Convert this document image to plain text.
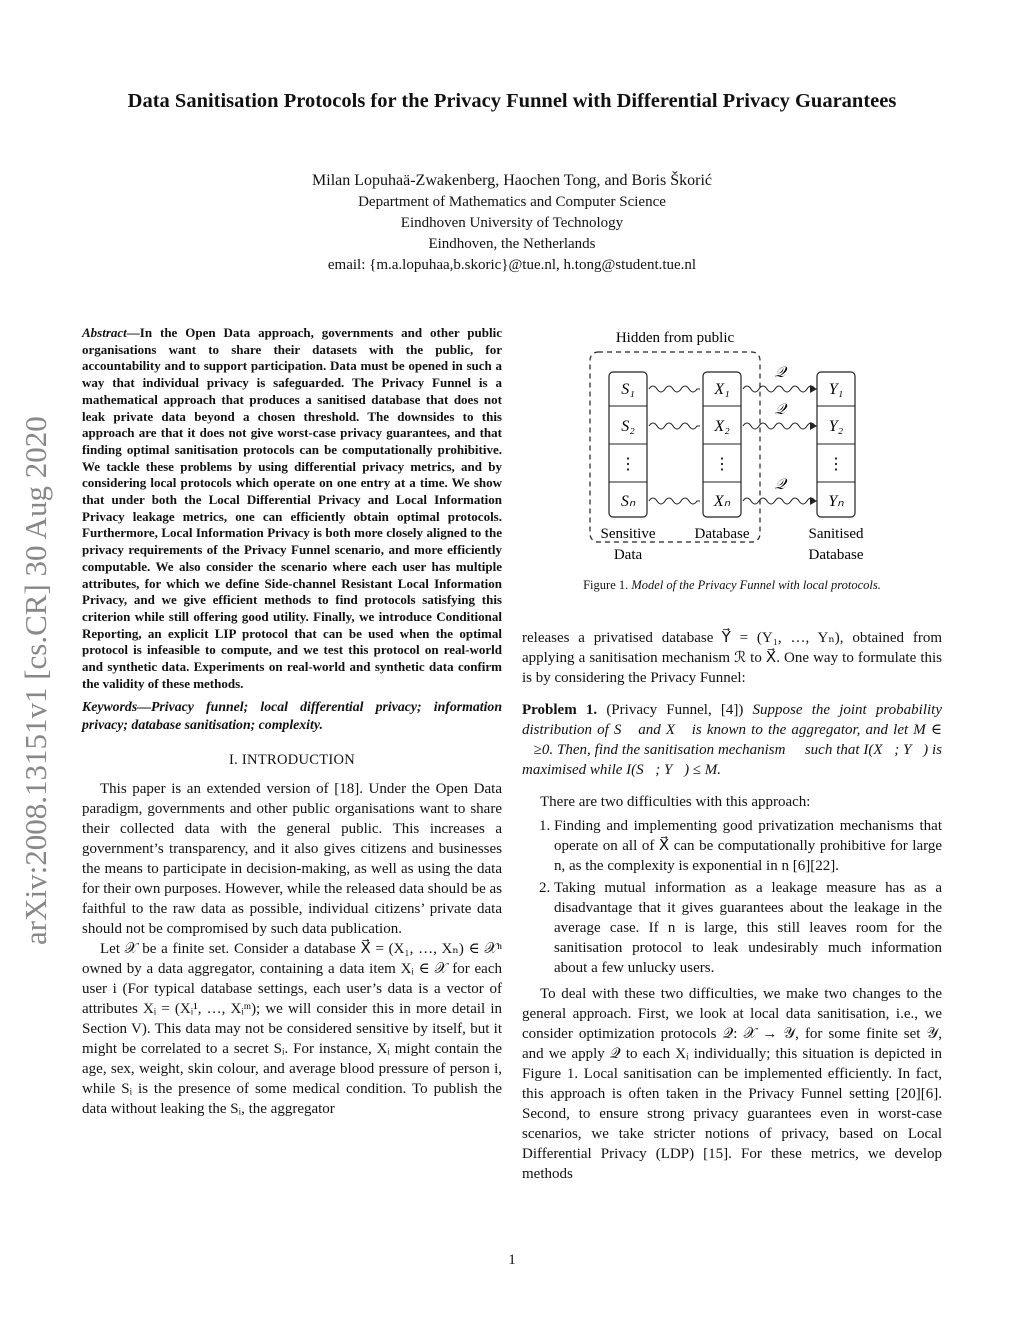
Data Sanitisation Protocols for the Privacy Funnel with Differential Privacy Guarantees
Milan Lopuhaä-Zwakenberg, Haochen Tong, and Boris Škorić
Department of Mathematics and Computer Science
Eindhoven University of Technology
Eindhoven, the Netherlands
email: {m.a.lopuhaa,b.skoric}@tue.nl, h.tong@student.tue.nl
arXiv:2008.13151v1 [cs.CR] 30 Aug 2020

Abstract—In the Open Data approach, governments and other public organisations want to share their datasets with the public, for accountability and to support participation. Data must be opened in such a way that individual privacy is safeguarded. The Privacy Funnel is a mathematical approach that produces a sanitised database that does not leak private data beyond a chosen threshold. The downsides to this approach are that it does not give worst-case privacy guarantees, and that finding optimal sanitisation protocols can be computationally prohibitive. We tackle these problems by using differential privacy metrics, and by considering local protocols which operate on one entry at a time. We show that under both the Local Differential Privacy and Local Information Privacy leakage metrics, one can efficiently obtain optimal protocols. Furthermore, Local Information Privacy is both more closely aligned to the privacy requirements of the Privacy Funnel scenario, and more efficiently computable. We also consider the scenario where each user has multiple attributes, for which we define Side-channel Resistant Local Information Privacy, and we give efficient methods to find protocols satisfying this criterion while still offering good utility. Finally, we introduce Conditional Reporting, an explicit LIP protocol that can be used when the optimal protocol is infeasible to compute, and we test this protocol on real-world and synthetic data. Experiments on real-world and synthetic data confirm the validity of these methods.

Keywords—Privacy funnel; local differential privacy; information privacy; database sanitisation; complexity.

I. INTRODUCTION

This paper is an extended version of [18]. Under the Open Data paradigm, governments and other public organisations want to share their collected data with the general public. This increases a government’s transparency, and it also gives citizens and businesses the means to participate in decision-making, as well as using the data for their own purposes. However, while the released data should be as faithful to the raw data as possible, individual citizens’ private data should not be compromised by such data publication.

Let 𝒳 be a finite set. Consider a database X⃗ = (X₁, …, Xₙ) ∈ 𝒳ⁿ owned by a data aggregator, containing a data item Xᵢ ∈ 𝒳 for each user i (For typical database settings, each user’s data is a vector of attributes Xᵢ = (Xᵢ¹, …, Xᵢᵐ); we will consider this in more detail in Section V). This data may not be considered sensitive by itself, but it might be correlated to a secret Sᵢ. For instance, Xᵢ might contain the age, sex, weight, skin colour, and average blood pressure of person i, while Sᵢ is the presence of some medical condition. To publish the data without leaking the Sᵢ, the aggregator

Hidden from public
S₁
S₂
⋮
Sₙ
X₁
X₂
⋮
Xₙ
Y₁
Y₂
⋮
Yₙ
𝒬
𝒬
𝒬
Sensitive
Data
Database	Sanitised
Database
Figure 1. Model of the Privacy Funnel with local protocols.

releases a privatised database Y⃗ = (Y₁, …, Yₙ), obtained from applying a sanitisation mechanism ℛ to X⃗. One way to formulate this is by considering the Privacy Funnel:

Problem 1. (Privacy Funnel, [4]) Suppose the joint probability distribution of S⃗ and X⃗ is known to the aggregator, and let M ∈ ℝ≥0. Then, find the sanitisation mechanism ℛ such that I(X⃗; Y⃗) is maximised while I(S⃗; Y⃗) ≤ M.

There are two difficulties with this approach:

1. Finding and implementing good privatization mechanisms that operate on all of X⃗ can be computationally prohibitive for large n, as the complexity is exponential in n [6][22].
2. Taking mutual information as a leakage measure has as a disadvantage that it gives guarantees about the leakage in the average case. If n is large, this still leaves room for the sanitisation protocol to leak undesirably much information about a few unlucky users.

To deal with these two difficulties, we make two changes to the general approach. First, we look at local data sanitisation, i.e., we consider optimization protocols 𝒬: 𝒳 → 𝒴, for some finite set 𝒴, and we apply 𝒬 to each Xᵢ individually; this situation is depicted in Figure 1. Local sanitisation can be implemented efficiently. In fact, this approach is often taken in the Privacy Funnel setting [20][6]. Second, to ensure strong privacy guarantees even in worst-case scenarios, we take stricter notions of privacy, based on Local Differential Privacy (LDP) [15]. For these metrics, we develop methods

1
